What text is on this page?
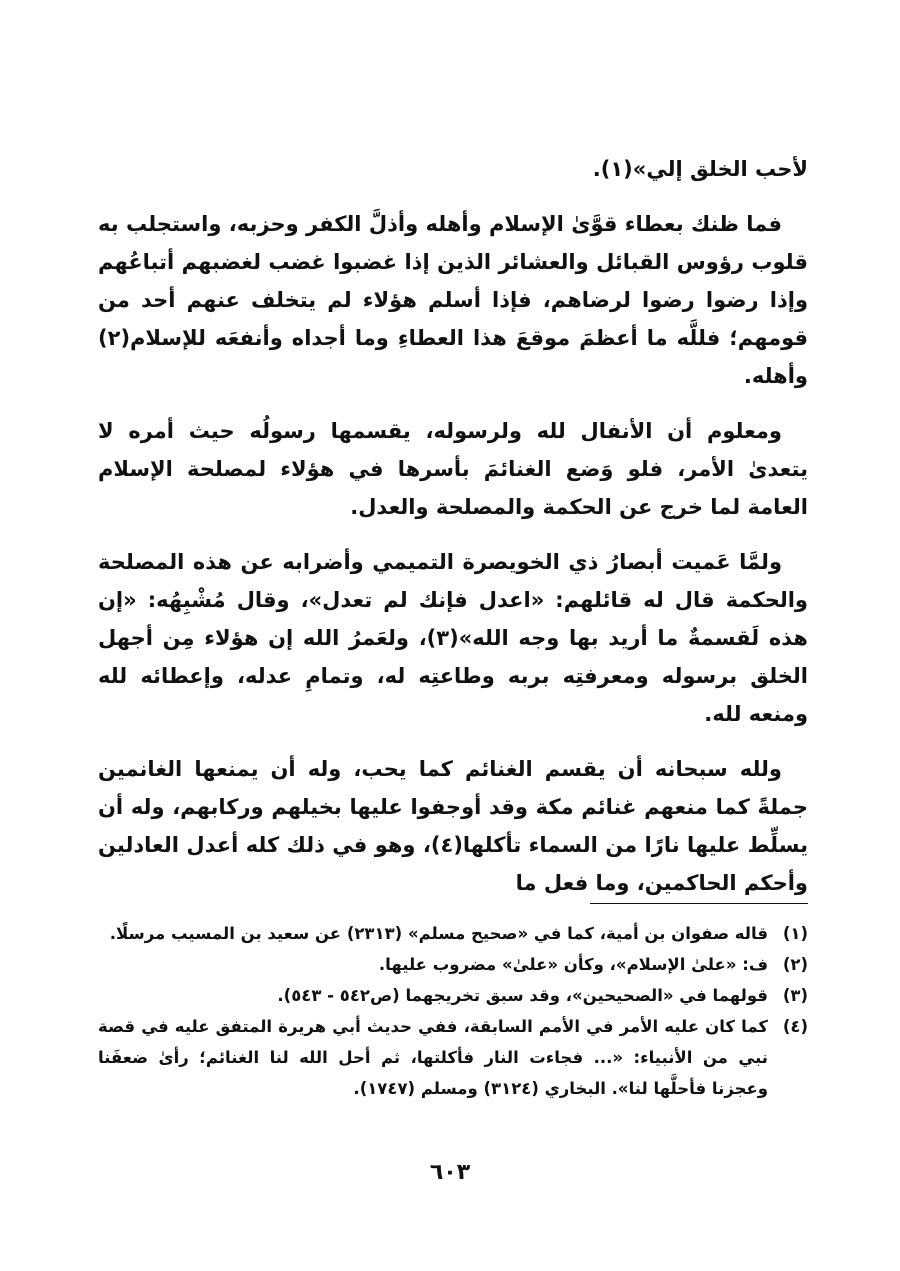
لأحب الخلق إلي»(١).

فما ظنك بعطاء قوَّىٰ الإسلام وأهله وأذلَّ الكفر وحزبه، واستجلب به قلوب رؤوس القبائل والعشائر الذين إذا غضبوا غضب لغضبهم أتباعُهم وإذا رضوا رضوا لرضاهم، فإذا أسلم هؤلاء لم يتخلف عنهم أحد من قومهم؛ فللَّه ما أعظمَ موقعَ هذا العطاءِ وما أجداه وأنفعَه للإسلام(٢) وأهله.

ومعلوم أن الأنفال لله ولرسوله، يقسمها رسولُه حيث أمره لا يتعدىٰ الأمر، فلو وَضع الغنائمَ بأسرها في هؤلاء لمصلحة الإسلام العامة لما خرج عن الحكمة والمصلحة والعدل.

ولمَّا عَميت أبصارُ ذي الخويصرة التميمي وأضرابه عن هذه المصلحة والحكمة قال له قائلهم: «اعدل فإنك لم تعدل»، وقال مُشْبِهُه: «إن هذه لَقسمةٌ ما أريد بها وجه الله»(٣)، ولعَمرُ الله إن هؤلاء مِن أجهل الخلق برسوله ومعرفتِه بربه وطاعتِه له، وتمامِ عدله، وإعطائه لله ومنعه لله.

ولله سبحانه أن يقسم الغنائم كما يحب، وله أن يمنعها الغانمين جملةً كما منعهم غنائم مكة وقد أوجفوا عليها بخيلهم وركابهم، وله أن يسلِّط عليها نارًا من السماء تأكلها(٤)، وهو في ذلك كله أعدل العادلين وأحكم الحاكمين، وما فعل ما

(١)
قاله صفوان بن أمية، كما في «صحيح مسلم» (٢٣١٣) عن سعيد بن المسيب مرسلًا.
(٢)
ف: «علىٰ الإسلام»، وكأن «علىٰ» مضروب عليها.
(٣)
قولهما في «الصحيحين»، وقد سبق تخريجهما (ص٥٤٢ - ٥٤٣).
(٤)
كما كان عليه الأمر في الأمم السابقة، ففي حديث أبي هريرة المتفق عليه في قصة نبي من الأنبياء: «... فجاءت النار فأكلتها، ثم أحل الله لنا الغنائم؛ رأىٰ ضعفَنا وعجزنا فأحلَّها لنا». البخاري (٣١٢٤) ومسلم (١٧٤٧).
٦٠٣
